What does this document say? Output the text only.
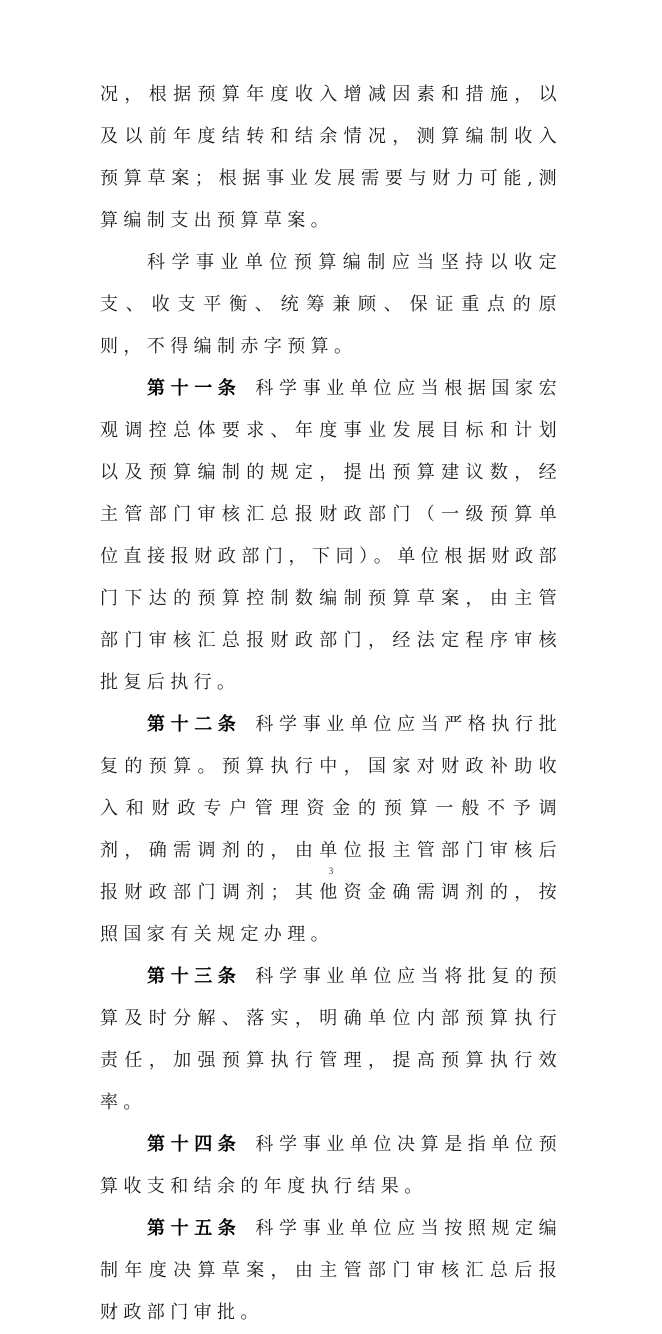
况，根据预算年度收入增减因素和措施，以及以前年度结转和结余情况，测算编制收入预算草案；根据事业发展需要与财力可能,测算编制支出预算草案。

科学事业单位预算编制应当坚持以收定支、收支平衡、统筹兼顾、保证重点的原则，不得编制赤字预算。

第十一条 科学事业单位应当根据国家宏观调控总体要求、年度事业发展目标和计划以及预算编制的规定，提出预算建议数，经主管部门审核汇总报财政部门（一级预算单位直接报财政部门，下同）。单位根据财政部门下达的预算控制数编制预算草案，由主管部门审核汇总报财政部门，经法定程序审核批复后执行。

第十二条 科学事业单位应当严格执行批复的预算。预算执行中，国家对财政补助收入和财政专户管理资金的预算一般不予调剂，确需调剂的，由单位报主管部门审核后报财政部门调剂；其他资金确需调剂的，按照国家有关规定办理。

第十三条 科学事业单位应当将批复的预算及时分解、落实，明确单位内部预算执行责任，加强预算执行管理，提高预算执行效率。

第十四条 科学事业单位决算是指单位预算收支和结余的年度执行结果。

第十五条 科学事业单位应当按照规定编制年度决算草案，由主管部门审核汇总后报财政部门审批。

3
